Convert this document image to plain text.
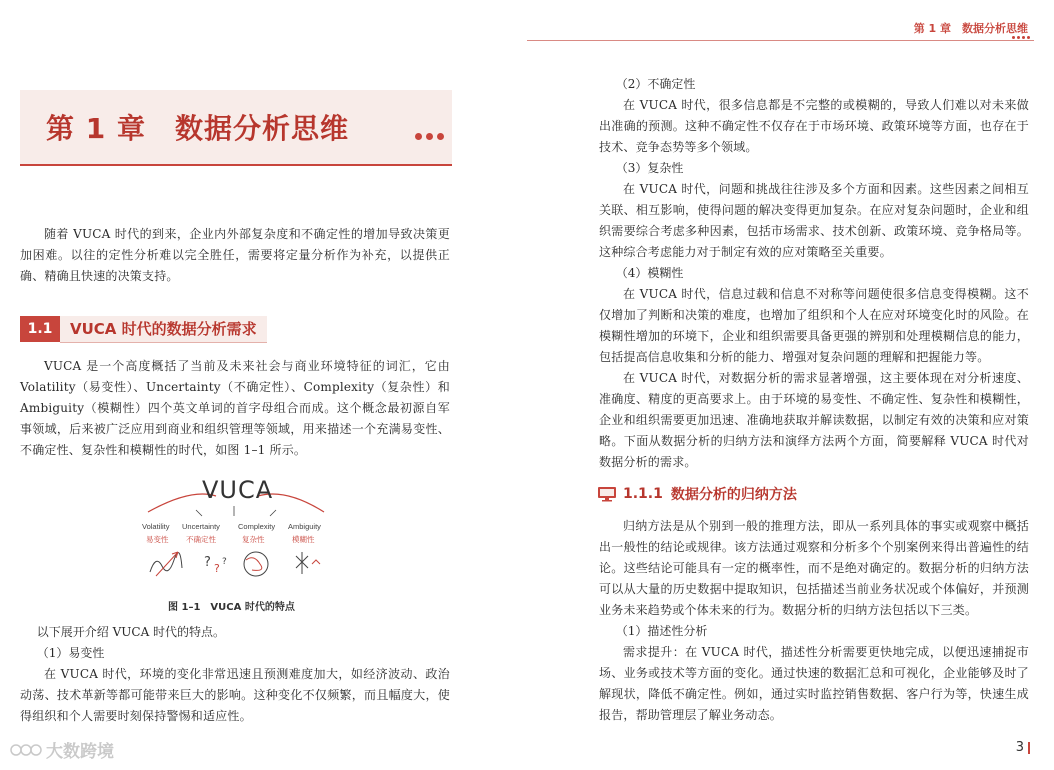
第 1 章　数据分析思维

随着 VUCA 时代的到来，企业内外部复杂度和不确定性的增加导致决策更加困难。以往的定性分析难以完全胜任，需要将定量分析作为补充，以提供正确、精确且快速的决策支持。

1.1	VUCA 时代的数据分析需求

VUCA 是一个高度概括了当前及未来社会与商业环境特征的词汇，它由 Volatility（易变性）、Uncertainty（不确定性）、Complexity（复杂性）和 Ambiguity（模糊性）四个英文单词的首字母组合而成。这个概念最初源自军事领域，后来被广泛应用到商业和组织管理等领域，用来描述一个充满易变性、不确定性、复杂性和模糊性的时代，如图 1–1 所示。

? ? ?
VUCA
Volatility
易变性
Uncertainty
不确定性
Complexity
复杂性
Ambiguity
模糊性
图 1–1　VUCA 时代的特点

以下展开介绍 VUCA 时代的特点。

（1）易变性

在 VUCA 时代，环境的变化非常迅速且预测难度加大，如经济波动、政治动荡、技术革新等都可能带来巨大的影响。这种变化不仅频繁，而且幅度大，使得组织和个人需要时刻保持警惕和适应性。

大数跨境
第 1 章　数据分析思维

（2）不确定性

在 VUCA 时代，很多信息都是不完整的或模糊的，导致人们难以对未来做出准确的预测。这种不确定性不仅存在于市场环境、政策环境等方面，也存在于技术、竞争态势等多个领域。

（3）复杂性

在 VUCA 时代，问题和挑战往往涉及多个方面和因素。这些因素之间相互关联、相互影响，使得问题的解决变得更加复杂。在应对复杂问题时，企业和组织需要综合考虑多种因素，包括市场需求、技术创新、政策环境、竞争格局等。这种综合考虑能力对于制定有效的应对策略至关重要。

（4）模糊性

在 VUCA 时代，信息过载和信息不对称等问题使很多信息变得模糊。这不仅增加了判断和决策的难度，也增加了组织和个人在应对环境变化时的风险。在模糊性增加的环境下，企业和组织需要具备更强的辨别和处理模糊信息的能力，包括提高信息收集和分析的能力、增强对复杂问题的理解和把握能力等。

在 VUCA 时代，对数据分析的需求显著增强，这主要体现在对分析速度、准确度、精度的更高要求上。由于环境的易变性、不确定性、复杂性和模糊性，企业和组织需要更加迅速、准确地获取并解读数据，以制定有效的决策和应对策略。下面从数据分析的归纳方法和演绎方法两个方面，简要解释 VUCA 时代对数据分析的需求。

1.1.1 数据分析的归纳方法

归纳方法是从个别到一般的推理方法，即从一系列具体的事实或观察中概括出一般性的结论或规律。该方法通过观察和分析多个个别案例来得出普遍性的结论。这些结论可能具有一定的概率性，而不是绝对确定的。数据分析的归纳方法可以从大量的历史数据中提取知识，包括描述当前业务状况或个体偏好，并预测业务未来趋势或个体未来的行为。数据分析的归纳方法包括以下三类。

（1）描述性分析

需求提升：在 VUCA 时代，描述性分析需要更快地完成，以便迅速捕捉市场、业务或技术等方面的变化。通过快速的数据汇总和可视化，企业能够及时了解现状，降低不确定性。例如，通过实时监控销售数据、客户行为等，快速生成报告，帮助管理层了解业务动态。

3
